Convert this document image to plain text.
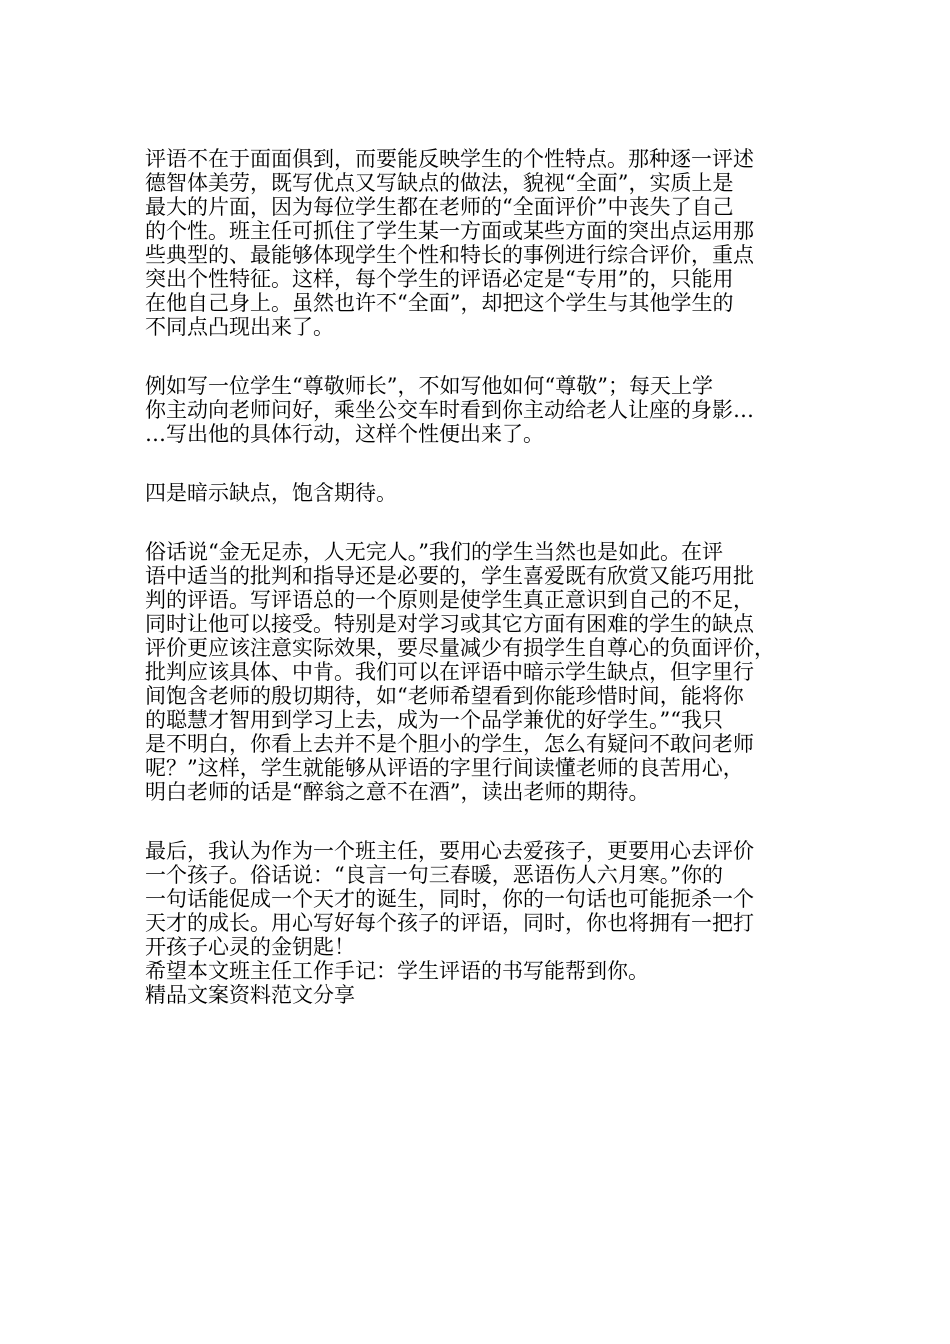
评语不在于面面俱到，而要能反映学生的个性特点。那种逐一评述
德智体美劳，既写优点又写缺点的做法，貌视“全面”，实质上是
最大的片面，因为每位学生都在老师的“全面评价”中丧失了自己
的个性。班主任可抓住了学生某一方面或某些方面的突出点运用那
些典型的、最能够体现学生个性和特长的事例进行综合评价，重点
突出个性特征。这样，每个学生的评语必定是“专用”的，只能用
在他自己身上。虽然也许不“全面”，却把这个学生与其他学生的
不同点凸现出来了。
例如写一位学生“尊敬师长”，不如写他如何“尊敬”；每天上学
你主动向老师问好，乘坐公交车时看到你主动给老人让座的身影…
…写出他的具体行动，这样个性便出来了。
四是暗示缺点，饱含期待。
俗话说“金无足赤，人无完人。”我们的学生当然也是如此。在评
语中适当的批判和指导还是必要的，学生喜爱既有欣赏又能巧用批
判的评语。写评语总的一个原则是使学生真正意识到自己的不足，
同时让他可以接受。特别是对学习或其它方面有困难的学生的缺点
评价更应该注意实际效果，要尽量减少有损学生自尊心的负面评价，
批判应该具体、中肯。我们可以在评语中暗示学生缺点，但字里行
间饱含老师的殷切期待，如“老师希望看到你能珍惜时间，能将你
的聪慧才智用到学习上去，成为一个品学兼优的好学生。”“我只
是不明白，你看上去并不是个胆小的学生，怎么有疑问不敢问老师
呢？”这样，学生就能够从评语的字里行间读懂老师的良苦用心，
明白老师的话是“醉翁之意不在酒”，读出老师的期待。
最后，我认为作为一个班主任，要用心去爱孩子，更要用心去评价
一个孩子。俗话说：“良言一句三春暖，恶语伤人六月寒。”你的
一句话能促成一个天才的诞生，同时，你的一句话也可能扼杀一个
天才的成长。用心写好每个孩子的评语，同时，你也将拥有一把打
开孩子心灵的金钥匙！
希望本文班主任工作手记：学生评语的书写能帮到你。
精品文案资料范文分享
